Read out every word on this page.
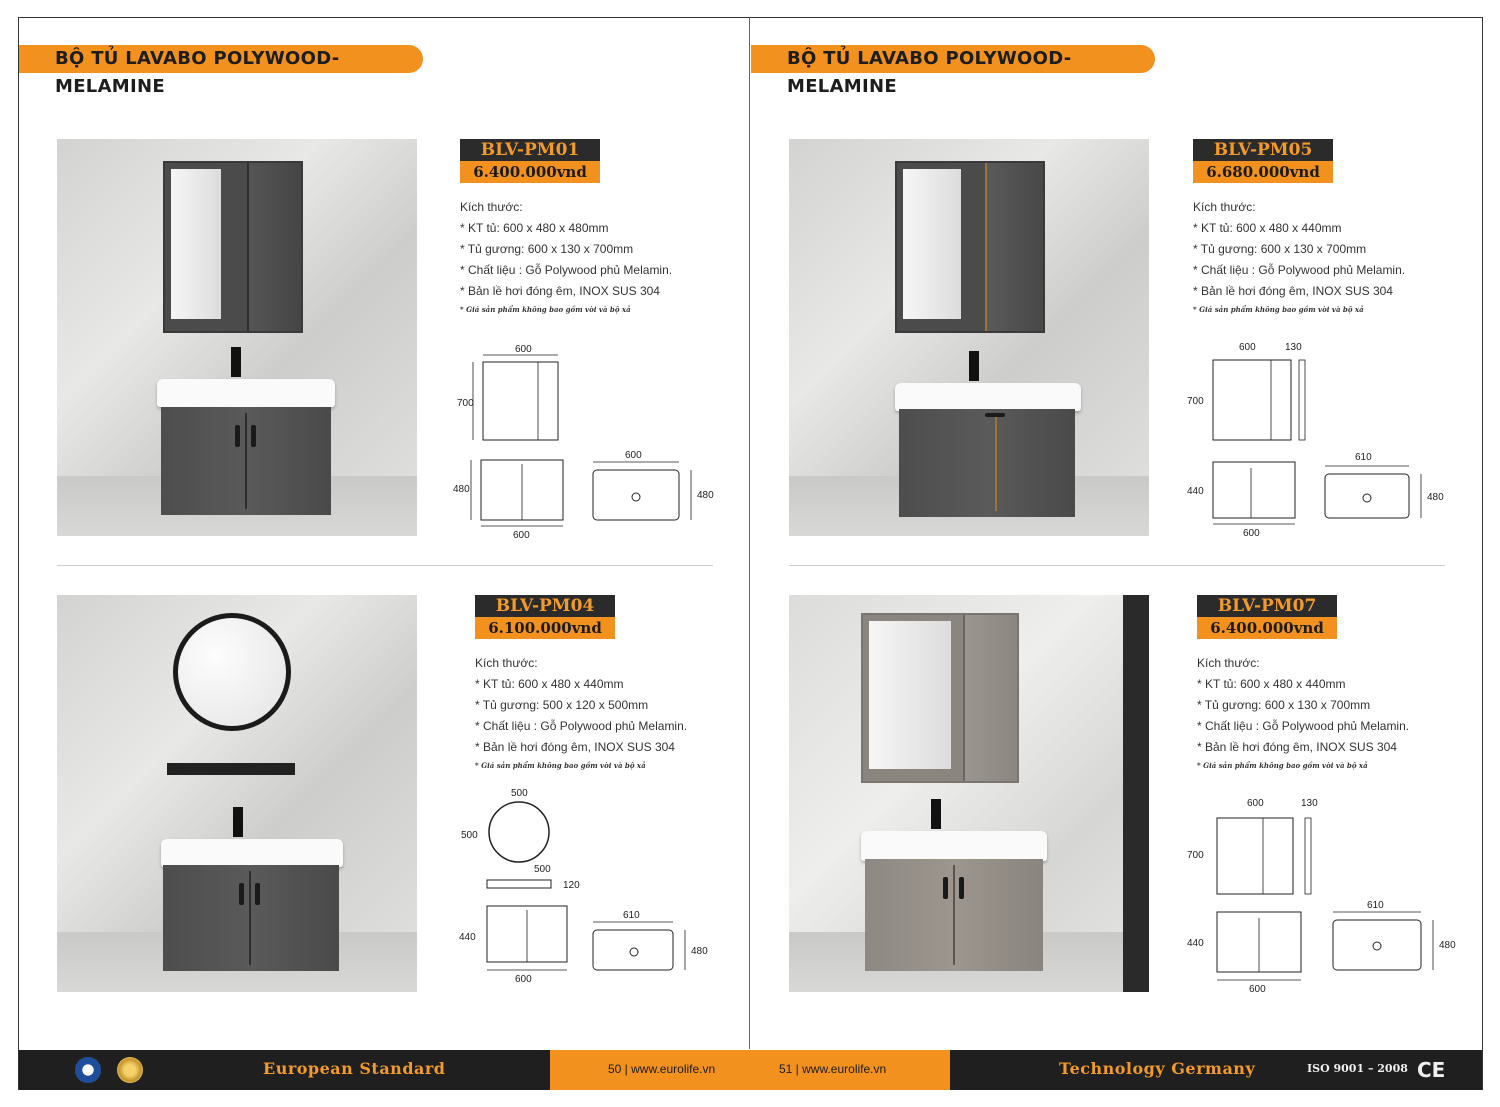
BỘ TỦ LAVABO POLYWOOD-MELAMINE
BLV-PM01
6.400.000vnd
Kích thước:
* KT tủ: 600 x 480 x 480mm
* Tủ gương: 600 x 130 x 700mm
* Chất liệu : Gỗ Polywood phủ Melamin.
* Bản lề hơi đóng êm, INOX SUS 304
* Giá sản phẩm không bao gồm vòi và bộ xả
600
700
480
600
600
480
BLV-PM04
6.100.000vnd
Kích thước:
* KT tủ: 600 x 480 x 440mm
* Tủ gương: 500 x 120 x 500mm
* Chất liệu : Gỗ Polywood phủ Melamin.
* Bản lề hơi đóng êm, INOX SUS 304
* Giá sản phẩm không bao gồm vòi và bộ xả
500
500
500
120
440
600
610
480
BỘ TỦ LAVABO POLYWOOD-MELAMINE
BLV-PM05
6.680.000vnd
Kích thước:
* KT tủ: 600 x 480 x 440mm
* Tủ gương: 600 x 130 x 700mm
* Chất liệu : Gỗ Polywood phủ Melamin.
* Bản lề hơi đóng êm, INOX SUS 304
* Giá sản phẩm không bao gồm vòi và bộ xả
600	130
700
440
600
610
480
BLV-PM07
6.400.000vnd
Kích thước:
* KT tủ: 600 x 480 x 440mm
* Tủ gương: 600 x 130 x 700mm
* Chất liệu : Gỗ Polywood phủ Melamin.
* Bản lề hơi đóng êm, INOX SUS 304
* Giá sản phẩm không bao gồm vòi và bộ xả
600	130
700
440
600
610
480
European Standard	50 | www.eurolife.vn	51 | www.eurolife.vn	Technology Germany	ISO 9001 – 2008 CE
